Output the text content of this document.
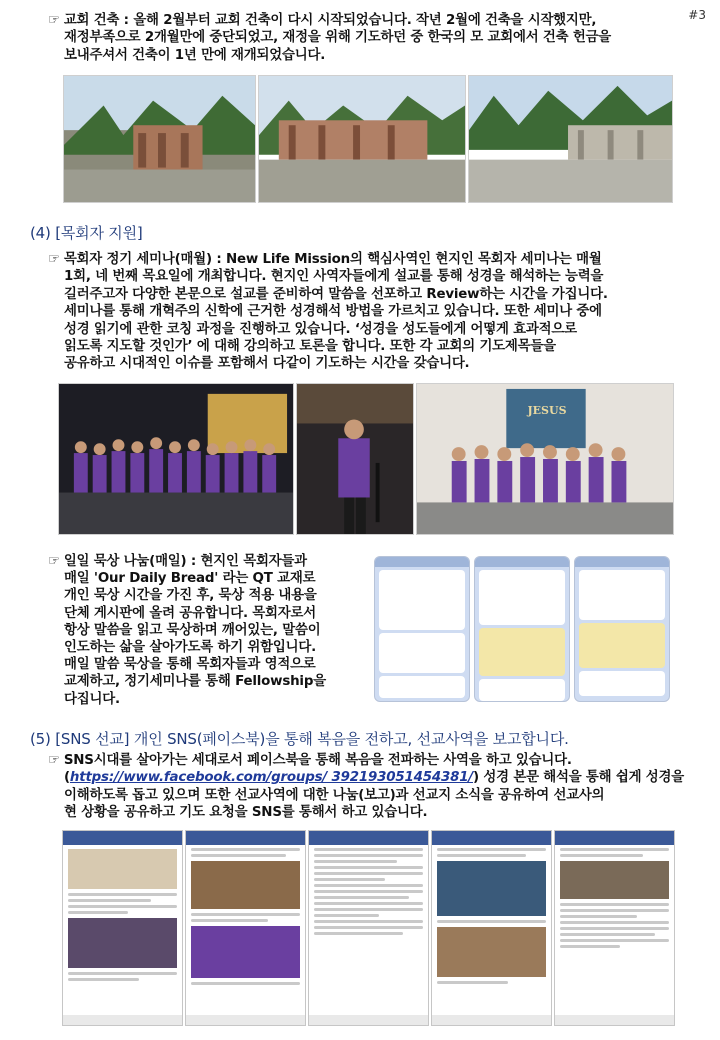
#3
☞ 교회 건축 : 올해 2월부터 교회 건축이 다시 시작되었습니다. 작년 2월에 건축을 시작했지만,
재정부족으로 2개월만에 중단되었고, 재정을 위해 기도하던 중 한국의 모 교회에서 건축 헌금을
보내주셔서 건축이 1년 만에 재개되었습니다.
(4) [목회자 지원]
☞ 목회자 정기 세미나(매월) : New Life Mission의 핵심사역인 현지인 목회자 세미나는 매월
1회, 네 번째 목요일에 개최합니다. 현지인 사역자들에게 설교를 통해 성경을 해석하는 능력을
길러주고자 다양한 본문으로 설교를 준비하여 말씀을 선포하고 Review하는 시간을 가집니다.
세미나를 통해 개혁주의 신학에 근거한 성경해석 방법을 가르치고 있습니다. 또한 세미나 중에
성경 읽기에 관한 코칭 과정을 진행하고 있습니다. ‘성경을 성도들에게 어떻게 효과적으로
읽도록 지도할 것인가’ 에 대해 강의하고 토론을 합니다. 또한 각 교회의 기도제목들을
공유하고 시대적인 이슈를 포함해서 다같이 기도하는 시간을 갖습니다.
JESUS
☞ 일일 묵상 나눔(매일) : 현지인 목회자들과
매일 'Our Daily Bread' 라는 QT 교재로
개인 묵상 시간을 가진 후, 묵상 적용 내용을
단체 게시판에 올려 공유합니다. 목회자로서
항상 말씀을 읽고 묵상하며 깨어있는, 말씀이
인도하는 삶을 살아가도록 하기 위함입니다.
매일 말씀 묵상을 통해 목회자들과 영적으로
교제하고, 정기세미나를 통해 Fellowship을
다집니다.
(5) [SNS 선교] 개인 SNS(페이스북)을 통해 복음을 전하고, 선교사역을 보고합니다.
☞ SNS시대를 살아가는 세대로서 페이스북을 통해 복음을 전파하는 사역을 하고 있습니다.
(https://www.facebook.com/groups/ 392193051454381/) 성경 본문 해석을 통해 쉽게 성경을
이해하도록 돕고 있으며 또한 선교사역에 대한 나눔(보고)과 선교지 소식을 공유하여 선교사의
현 상황을 공유하고 기도 요청을 SNS를 통해서 하고 있습니다.
